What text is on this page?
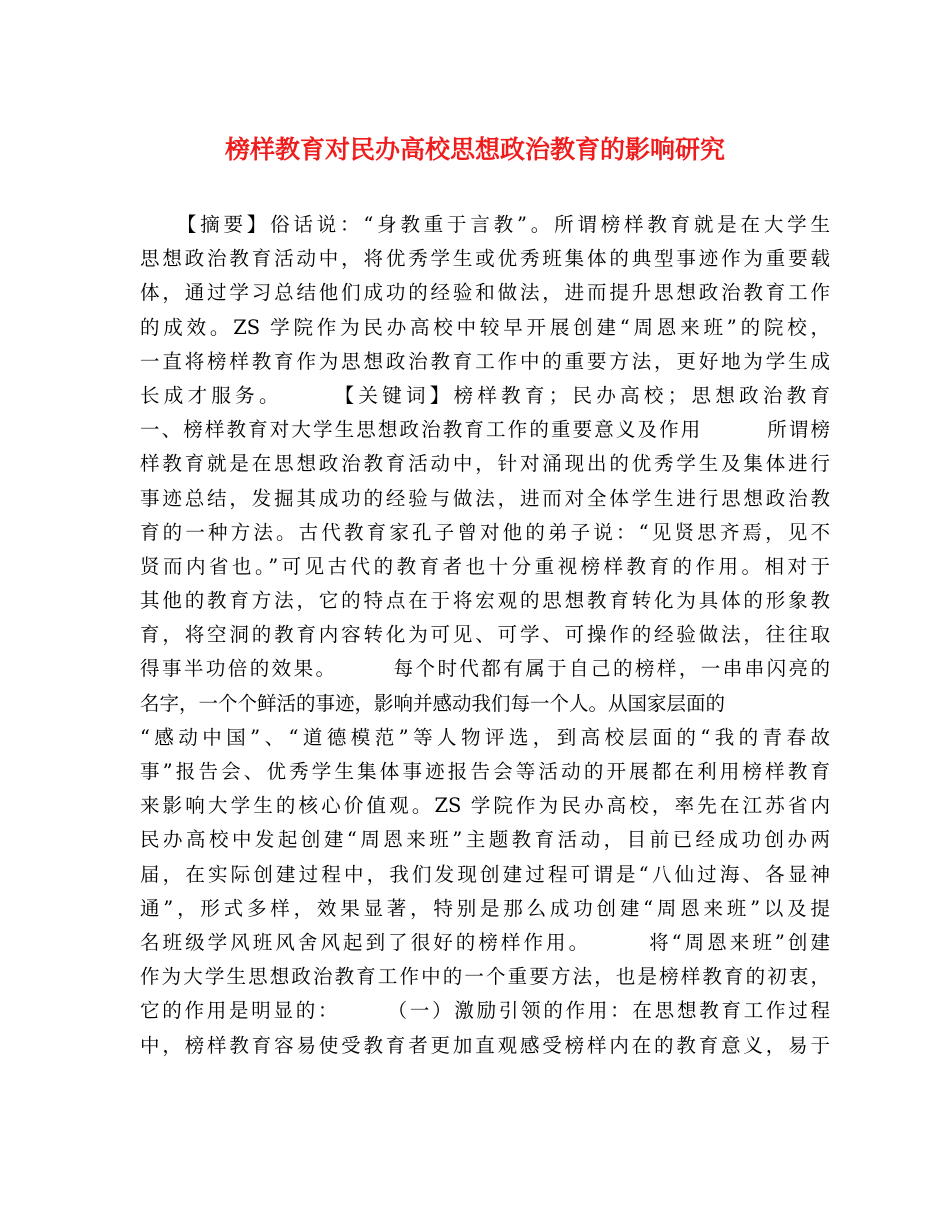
榜样教育对民办高校思想政治教育的影响研究
　　【摘要】俗话说：“身教重于言教”。所谓榜样教育就是在大学生
思想政治教育活动中，将优秀学生或优秀班集体的典型事迹作为重要载
体，通过学习总结他们成功的经验和做法，进而提升思想政治教育工作
的成效。ZS 学院作为民办高校中较早开展创建“周恩来班”的院校，
一直将榜样教育作为思想政治教育工作中的重要方法，更好地为学生成
长成才服务。　　　【关键词】榜样教育；民办高校；思想政治教育
一、榜样教育对大学生思想政治教育工作的重要意义及作用　　　所谓榜
样教育就是在思想政治教育活动中，针对涌现出的优秀学生及集体进行
事迹总结，发掘其成功的经验与做法，进而对全体学生进行思想政治教
育的一种方法。古代教育家孔子曾对他的弟子说：“见贤思齐焉，见不
贤而内省也。”可见古代的教育者也十分重视榜样教育的作用。相对于
其他的教育方法，它的特点在于将宏观的思想教育转化为具体的形象教
育，将空洞的教育内容转化为可见、可学、可操作的经验做法，往往取
得事半功倍的效果。　　　每个时代都有属于自己的榜样，一串串闪亮的
名字，一个个鲜活的事迹，影响并感动我们每一个人。从国家层面的
“感动中国”、“道德模范”等人物评选，到高校层面的“我的青春故
事”报告会、优秀学生集体事迹报告会等活动的开展都在利用榜样教育
来影响大学生的核心价值观。ZS 学院作为民办高校，率先在江苏省内
民办高校中发起创建“周恩来班”主题教育活动，目前已经成功创办两
届，在实际创建过程中，我们发现创建过程可谓是“八仙过海、各显神
通”，形式多样，效果显著，特别是那么成功创建“周恩来班”以及提
名班级学风班风舍风起到了很好的榜样作用。　　　将“周恩来班”创建
作为大学生思想政治教育工作中的一个重要方法，也是榜样教育的初衷，
它的作用是明显的：　　　（一）激励引领的作用：在思想教育工作过程
中，榜样教育容易使受教育者更加直观感受榜样内在的教育意义，易于
